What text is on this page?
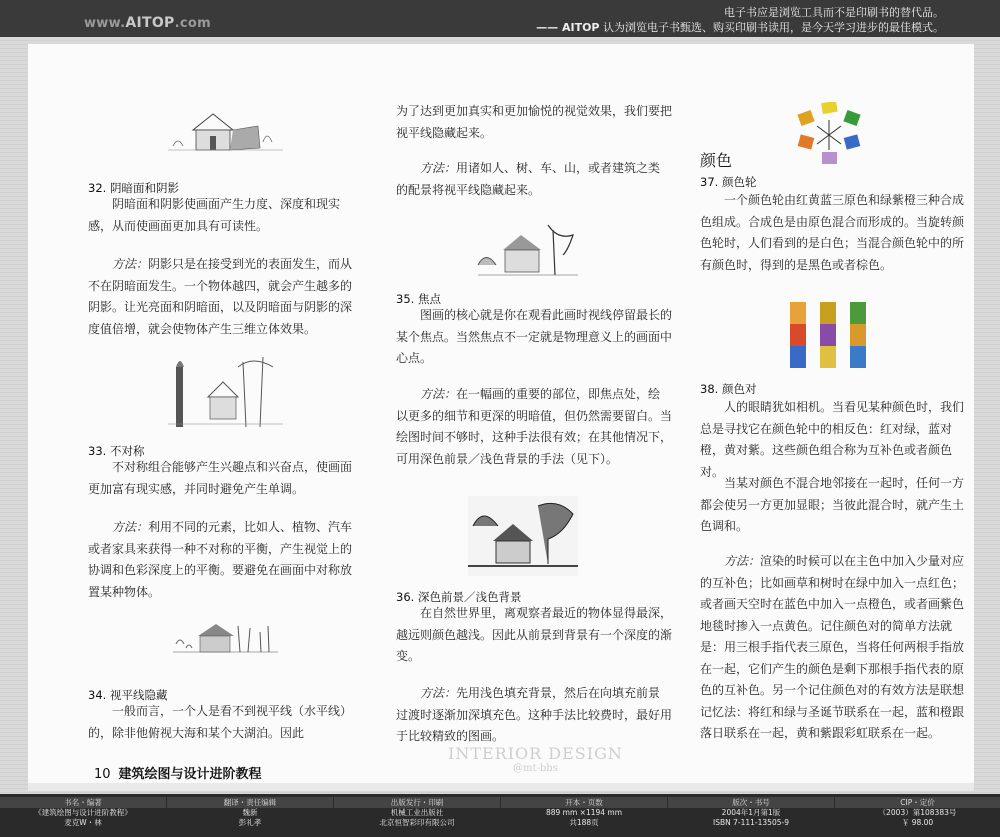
www.AITOP.com
电子书应是浏览工具而不是印刷书的替代品。
—— AITOP 认为浏览电子书甄选、购买印刷书读用，是今天学习进步的最佳模式。
32. 阴暗面和阴影
阴暗面和阴影使画面产生力度、深度和现实感，从而使画面更加具有可读性。
方法：阴影只是在接受到光的表面发生，而从不在阴暗面发生。一个物体越四，就会产生越多的阴影。让光亮面和阴暗面，以及阴暗面与阴影的深度值倍增，就会使物体产生三维立体效果。
33. 不对称
不对称组合能够产生兴趣点和兴奋点，使画面更加富有现实感，并同时避免产生单调。
方法：利用不同的元素，比如人、植物、汽车或者家具来获得一种不对称的平衡，产生视觉上的协调和色彩深度上的平衡。要避免在画面中对称放置某种物体。
34. 视平线隐藏
一般而言，一个人是看不到视平线（水平线）的，除非他俯视大海和某个大湖泊。因此
10 建筑绘图与设计进阶教程
为了达到更加真实和更加愉悦的视觉效果，我们要把视平线隐藏起来。
方法：用诸如人、树、车、山，或者建筑之类的配景将视平线隐藏起来。
35. 焦点
图画的核心就是你在观看此画时视线停留最长的某个焦点。当然焦点不一定就是物理意义上的画面中心点。
方法：在一幅画的重要的部位，即焦点处，绘以更多的细节和更深的明暗值，但仍然需要留白。当绘图时间不够时，这种手法很有效；在其他情况下，可用深色前景／浅色背景的手法（见下）。
36. 深色前景／浅色背景
在自然世界里，离观察者最近的物体显得最深，越远则颜色越浅。因此从前景到背景有一个深度的渐变。
方法：先用浅色填充背景，然后在向填充前景过渡时逐渐加深填充色。这种手法比较费时，最好用于比较精致的图画。
颜色
37. 颜色轮
一个颜色轮由红黄蓝三原色和绿紫橙三种合成色组成。合成色是由原色混合而形成的。当旋转颜色轮时，人们看到的是白色；当混合颜色轮中的所有颜色时，得到的是黑色或者棕色。
38. 颜色对
人的眼睛犹如相机。当看见某种颜色时，我们总是寻找它在颜色轮中的相反色：红对绿，蓝对橙，黄对紫。这些颜色组合称为互补色或者颜色对。
当某对颜色不混合地邻接在一起时，任何一方都会使另一方更加显眼；当彼此混合时，就产生土色调和。
方法：渲染的时候可以在主色中加入少量对应的互补色；比如画草和树时在绿中加入一点红色；或者画天空时在蓝色中加入一点橙色，或者画紫色地毯时掺入一点黄色。记住颜色对的简单方法就是：用三根手指代表三原色，当将任何两根手指放在一起，它们产生的颜色是剩下那根手指代表的原色的互补色。另一个记住颜色对的有效方法是联想记忆法：将红和绿与圣诞节联系在一起，蓝和橙跟落日联系在一起，黄和紫跟彩虹联系在一起。
INTERIOR DESIGN
@mt-bbs
书名・编著
《建筑绘图与设计进阶教程》
麦克W・林
翻译・责任编辑
魏新
彭礼孝
出版发行・印刷
机械工业出版社
北京恒智彩印有限公司
开本・页数
889 mm ×1194 mm
共188页
版次・书号
2004年1月第1版
ISBN 7-111-13505-9
CIP・定价
（2003）第108383号
￥ 98.00
